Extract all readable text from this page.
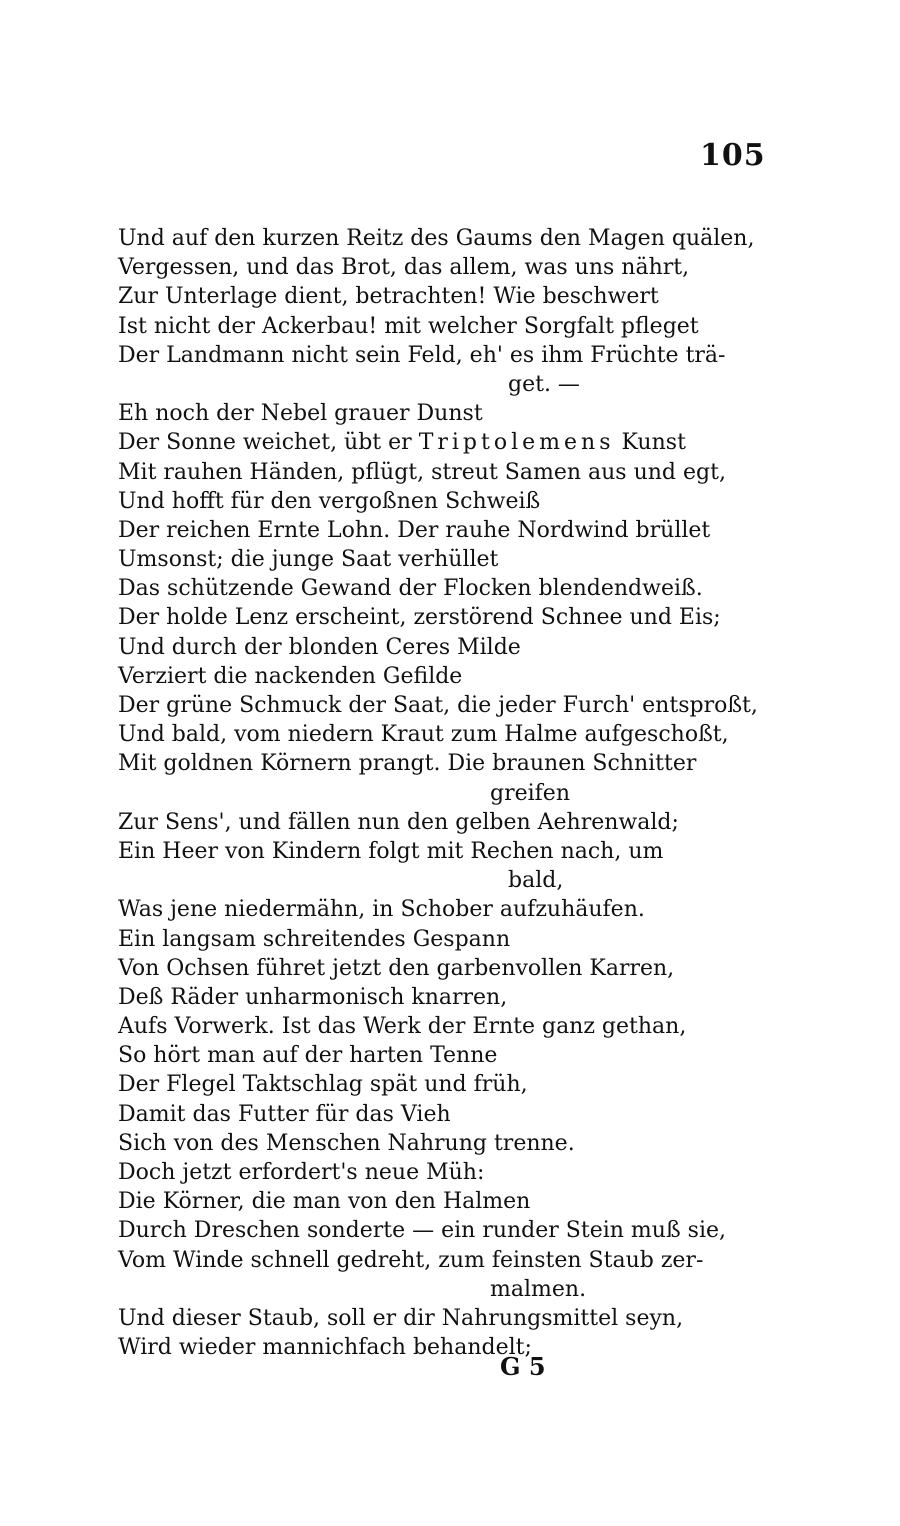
105
Und auf den kurzen Reitz des Gaums den Magen quälen,
Vergessen, und das Brot, das allem, was uns nährt,
Zur Unterlage dient, betrachten! Wie beschwert
Ist nicht der Ackerbau! mit welcher Sorgfalt pfleget
Der Landmann nicht sein Feld, eh' es ihm Früchte trä-
get. —
Eh noch der Nebel grauer Dunst
Der Sonne weichet, übt er Triptolemens Kunst
Mit rauhen Händen, pflügt, streut Samen aus und egt,
Und hofft für den vergoßnen Schweiß
Der reichen Ernte Lohn. Der rauhe Nordwind brüllet
Umsonst; die junge Saat verhüllet
Das schützende Gewand der Flocken blendendweiß.
Der holde Lenz erscheint, zerstörend Schnee und Eis;
Und durch der blonden Ceres Milde
Verziert die nackenden Gefilde
Der grüne Schmuck der Saat, die jeder Furch' entsproßt,
Und bald, vom niedern Kraut zum Halme aufgeschoßt,
Mit goldnen Körnern prangt. Die braunen Schnitter
greifen
Zur Sens', und fällen nun den gelben Aehrenwald;
Ein Heer von Kindern folgt mit Rechen nach, um
bald,
Was jene niedermähn, in Schober aufzuhäufen.
Ein langsam schreitendes Gespann
Von Ochsen führet jetzt den garbenvollen Karren,
Deß Räder unharmonisch knarren,
Aufs Vorwerk. Ist das Werk der Ernte ganz gethan,
So hört man auf der harten Tenne
Der Flegel Taktschlag spät und früh,
Damit das Futter für das Vieh
Sich von des Menschen Nahrung trenne.
Doch jetzt erfordert's neue Müh:
Die Körner, die man von den Halmen
Durch Dreschen sonderte — ein runder Stein muß sie,
Vom Winde schnell gedreht, zum feinsten Staub zer-
malmen.
Und dieser Staub, soll er dir Nahrungsmittel seyn,
Wird wieder mannichfach behandelt;
G 5
